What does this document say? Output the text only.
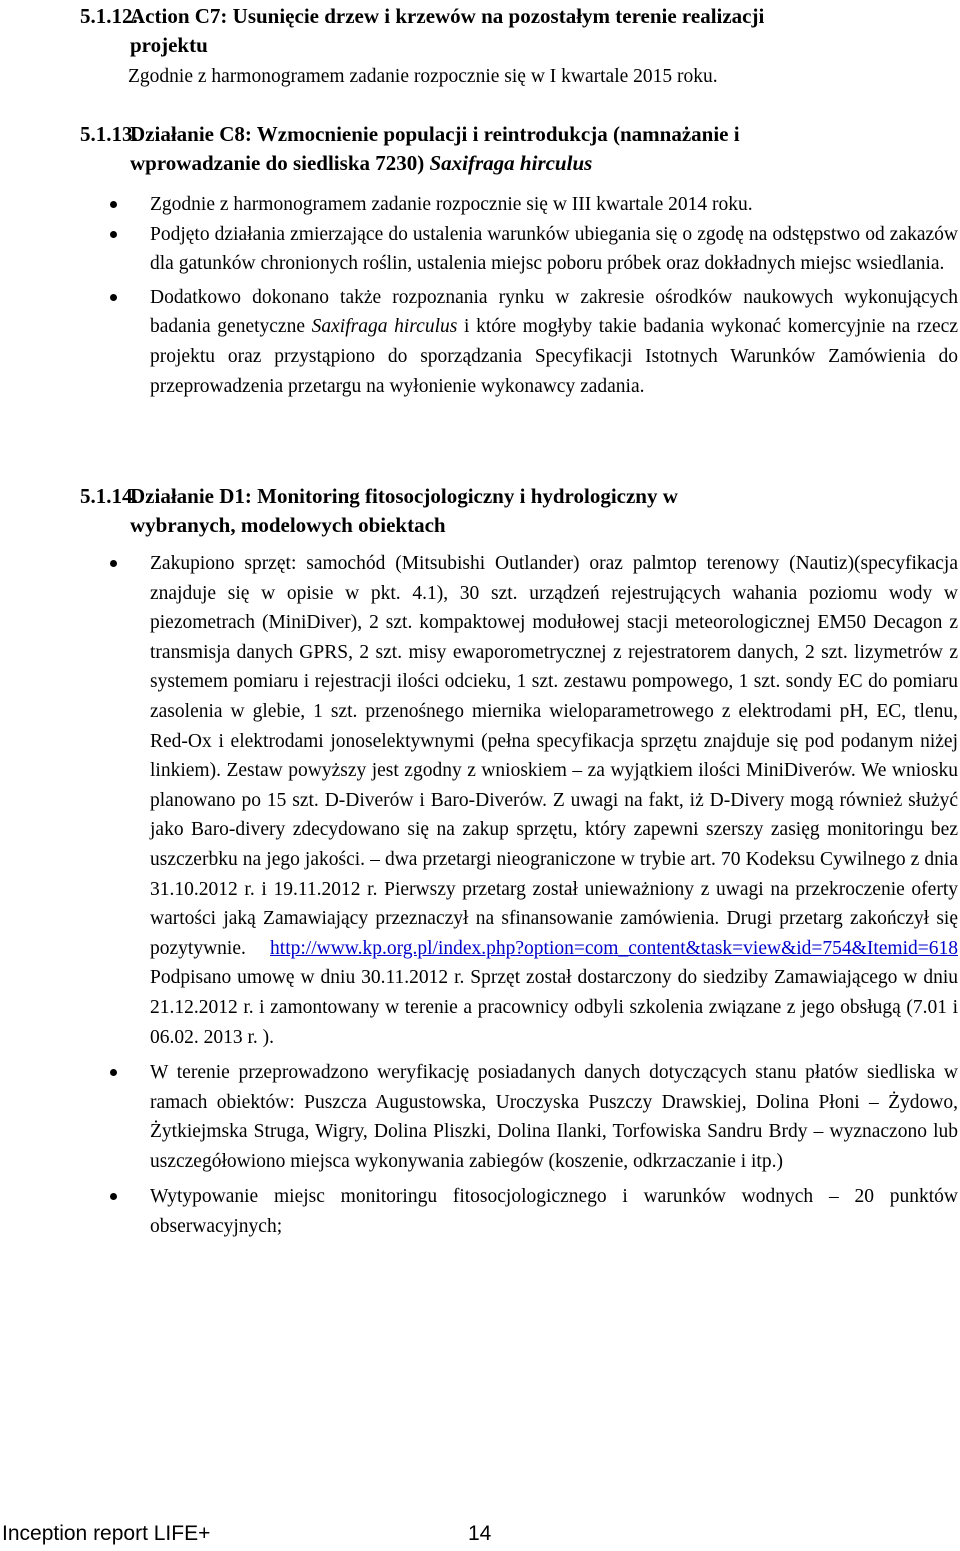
5.1.12.
Action C7: Usunięcie drzew i krzewów na pozostałym terenie realizacji
projektu
Zgodnie z harmonogramem zadanie rozpocznie się w I kwartale 2015 roku.
5.1.13.
Działanie C8: Wzmocnienie populacji i reintrodukcja (namnażanie i
wprowadzanie do siedliska 7230) Saxifraga hirculus

Zgodnie z harmonogramem zadanie rozpocznie się w III kwartale 2014 roku.

Podjęto działania zmierzające do ustalenia warunków ubiegania się o zgodę na odstępstwo od zakazów dla gatunków chronionych roślin, ustalenia miejsc poboru próbek oraz dokładnych miejsc wsiedlania.

Dodatkowo dokonano także rozpoznania rynku w zakresie ośrodków naukowych wykonujących badania genetyczne Saxifraga hirculus i które mogłyby takie badania wykonać komercyjnie na rzecz projektu oraz przystąpiono do sporządzania Specyfikacji Istotnych Warunków Zamówienia do przeprowadzenia przetargu na wyłonienie wykonawcy zadania.

5.1.14.
Działanie D1: Monitoring fitosocjologiczny i hydrologiczny w
wybranych, modelowych obiektach

Zakupiono sprzęt: samochód (Mitsubishi Outlander) oraz palmtop terenowy (Nautiz)(specyfikacja znajduje się w opisie w pkt. 4.1), 30 szt. urządzeń rejestrujących wahania poziomu wody w piezometrach (MiniDiver), 2 szt. kompaktowej modułowej stacji meteorologicznej EM50 Decagon z transmisja danych GPRS, 2 szt. misy ewaporometrycznej z rejestratorem danych, 2 szt. lizymetrów z systemem pomiaru i rejestracji ilości odcieku, 1 szt. zestawu pompowego, 1 szt. sondy EC do pomiaru zasolenia w glebie, 1 szt. przenośnego miernika wieloparametrowego z elektrodami pH, EC, tlenu, Red-Ox i elektrodami jonoselektywnymi (pełna specyfikacja sprzętu znajduje się pod podanym niżej linkiem). Zestaw powyższy jest zgodny z wnioskiem – za wyjątkiem ilości MiniDiverów. We wniosku planowano po 15 szt. D-Diverów i Baro-Diverów. Z uwagi na fakt, iż D-Divery mogą również służyć jako Baro-divery zdecydowano się na zakup sprzętu, który zapewni szerszy zasięg monitoringu bez uszczerbku na jego jakości. – dwa przetargi nieograniczone w trybie art. 70 Kodeksu Cywilnego z dnia 31.10.2012 r. i 19.11.2012 r. Pierwszy przetarg został unieważniony z uwagi na przekroczenie oferty wartości jaką Zamawiający przeznaczył na sfinansowanie zamówienia. Drugi przetarg zakończył się pozytywnie. http://www.kp.org.pl/index.php?option=com_content&task=view&id=754&Itemid=618 Podpisano umowę w dniu 30.11.2012 r. Sprzęt został dostarczony do siedziby Zamawiającego w dniu 21.12.2012 r. i zamontowany w terenie a pracownicy odbyli szkolenia związane z jego obsługą (7.01 i 06.02. 2013 r. ).

W terenie przeprowadzono weryfikację posiadanych danych dotyczących stanu płatów siedliska w ramach obiektów: Puszcza Augustowska, Uroczyska Puszczy Drawskiej, Dolina Płoni – Żydowo, Żytkiejmska Struga, Wigry, Dolina Pliszki, Dolina Ilanki, Torfowiska Sandru Brdy – wyznaczono lub uszczegółowiono miejsca wykonywania zabiegów (koszenie, odkrzaczanie i itp.)

Wytypowanie miejsc monitoringu fitosocjologicznego i warunków wodnych – 20 punktów obserwacyjnych;

Inception report LIFE+	14
